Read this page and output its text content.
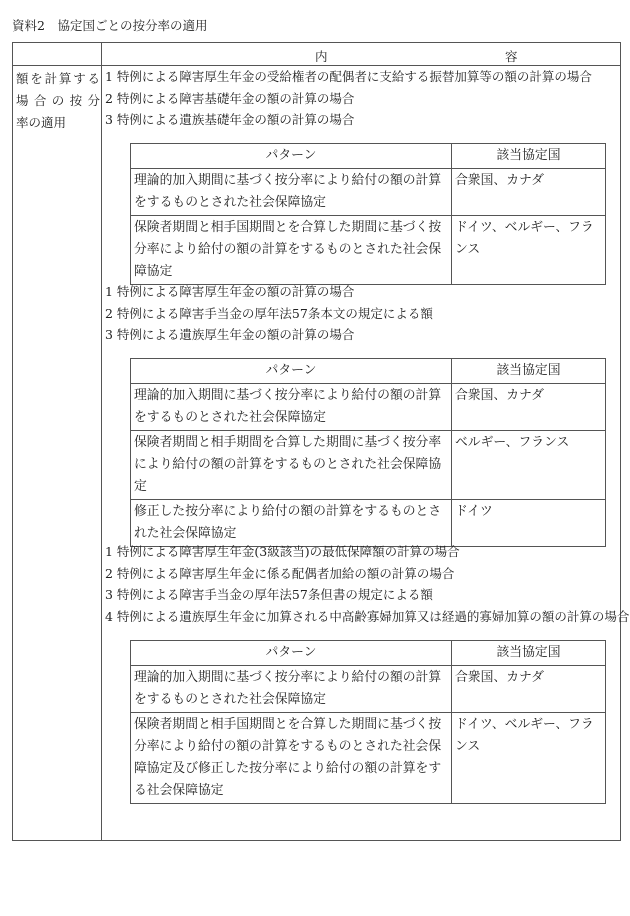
資料2　協定国ごとの按分率の適用
内	容
額を計算する
場合の按分
率の適用
1 特例による障害厚生年金の受給権者の配偶者に支給する振替加算等の額の計算の場合
2 特例による障害基礎年金の額の計算の場合
3 特例による遺族基礎年金の額の計算の場合
パターン	該当協定国
理論的加入期間に基づく按分率により給付の額の計算をするものとされた社会保障協定	合衆国、カナダ
保険者期間と相手国期間とを合算した期間に基づく按分率により給付の額の計算をするものとされた社会保障協定	ドイツ、ベルギー、フランス
1 特例による障害厚生年金の額の計算の場合
2 特例による障害手当金の厚年法57条本文の規定による額
3 特例による遺族厚生年金の額の計算の場合
パターン	該当協定国
理論的加入期間に基づく按分率により給付の額の計算をするものとされた社会保障協定	合衆国、カナダ
保険者期間と相手期間を合算した期間に基づく按分率により給付の額の計算をするものとされた社会保障協定	ベルギー、フランス
修正した按分率により給付の額の計算をするものとされた社会保障協定	ドイツ
1 特例による障害厚生年金(3級該当)の最低保障額の計算の場合
2 特例による障害厚生年金に係る配偶者加給の額の計算の場合
3 特例による障害手当金の厚年法57条但書の規定による額
4 特例による遺族厚生年金に加算される中高齢寡婦加算又は経過的寡婦加算の額の計算の場合
パターン	該当協定国
理論的加入期間に基づく按分率により給付の額の計算をするものとされた社会保障協定	合衆国、カナダ
保険者期間と相手国期間とを合算した期間に基づく按分率により給付の額の計算をするものとされた社会保障協定及び修正した按分率により給付の額の計算をする社会保障協定	ドイツ、ベルギー、フランス
